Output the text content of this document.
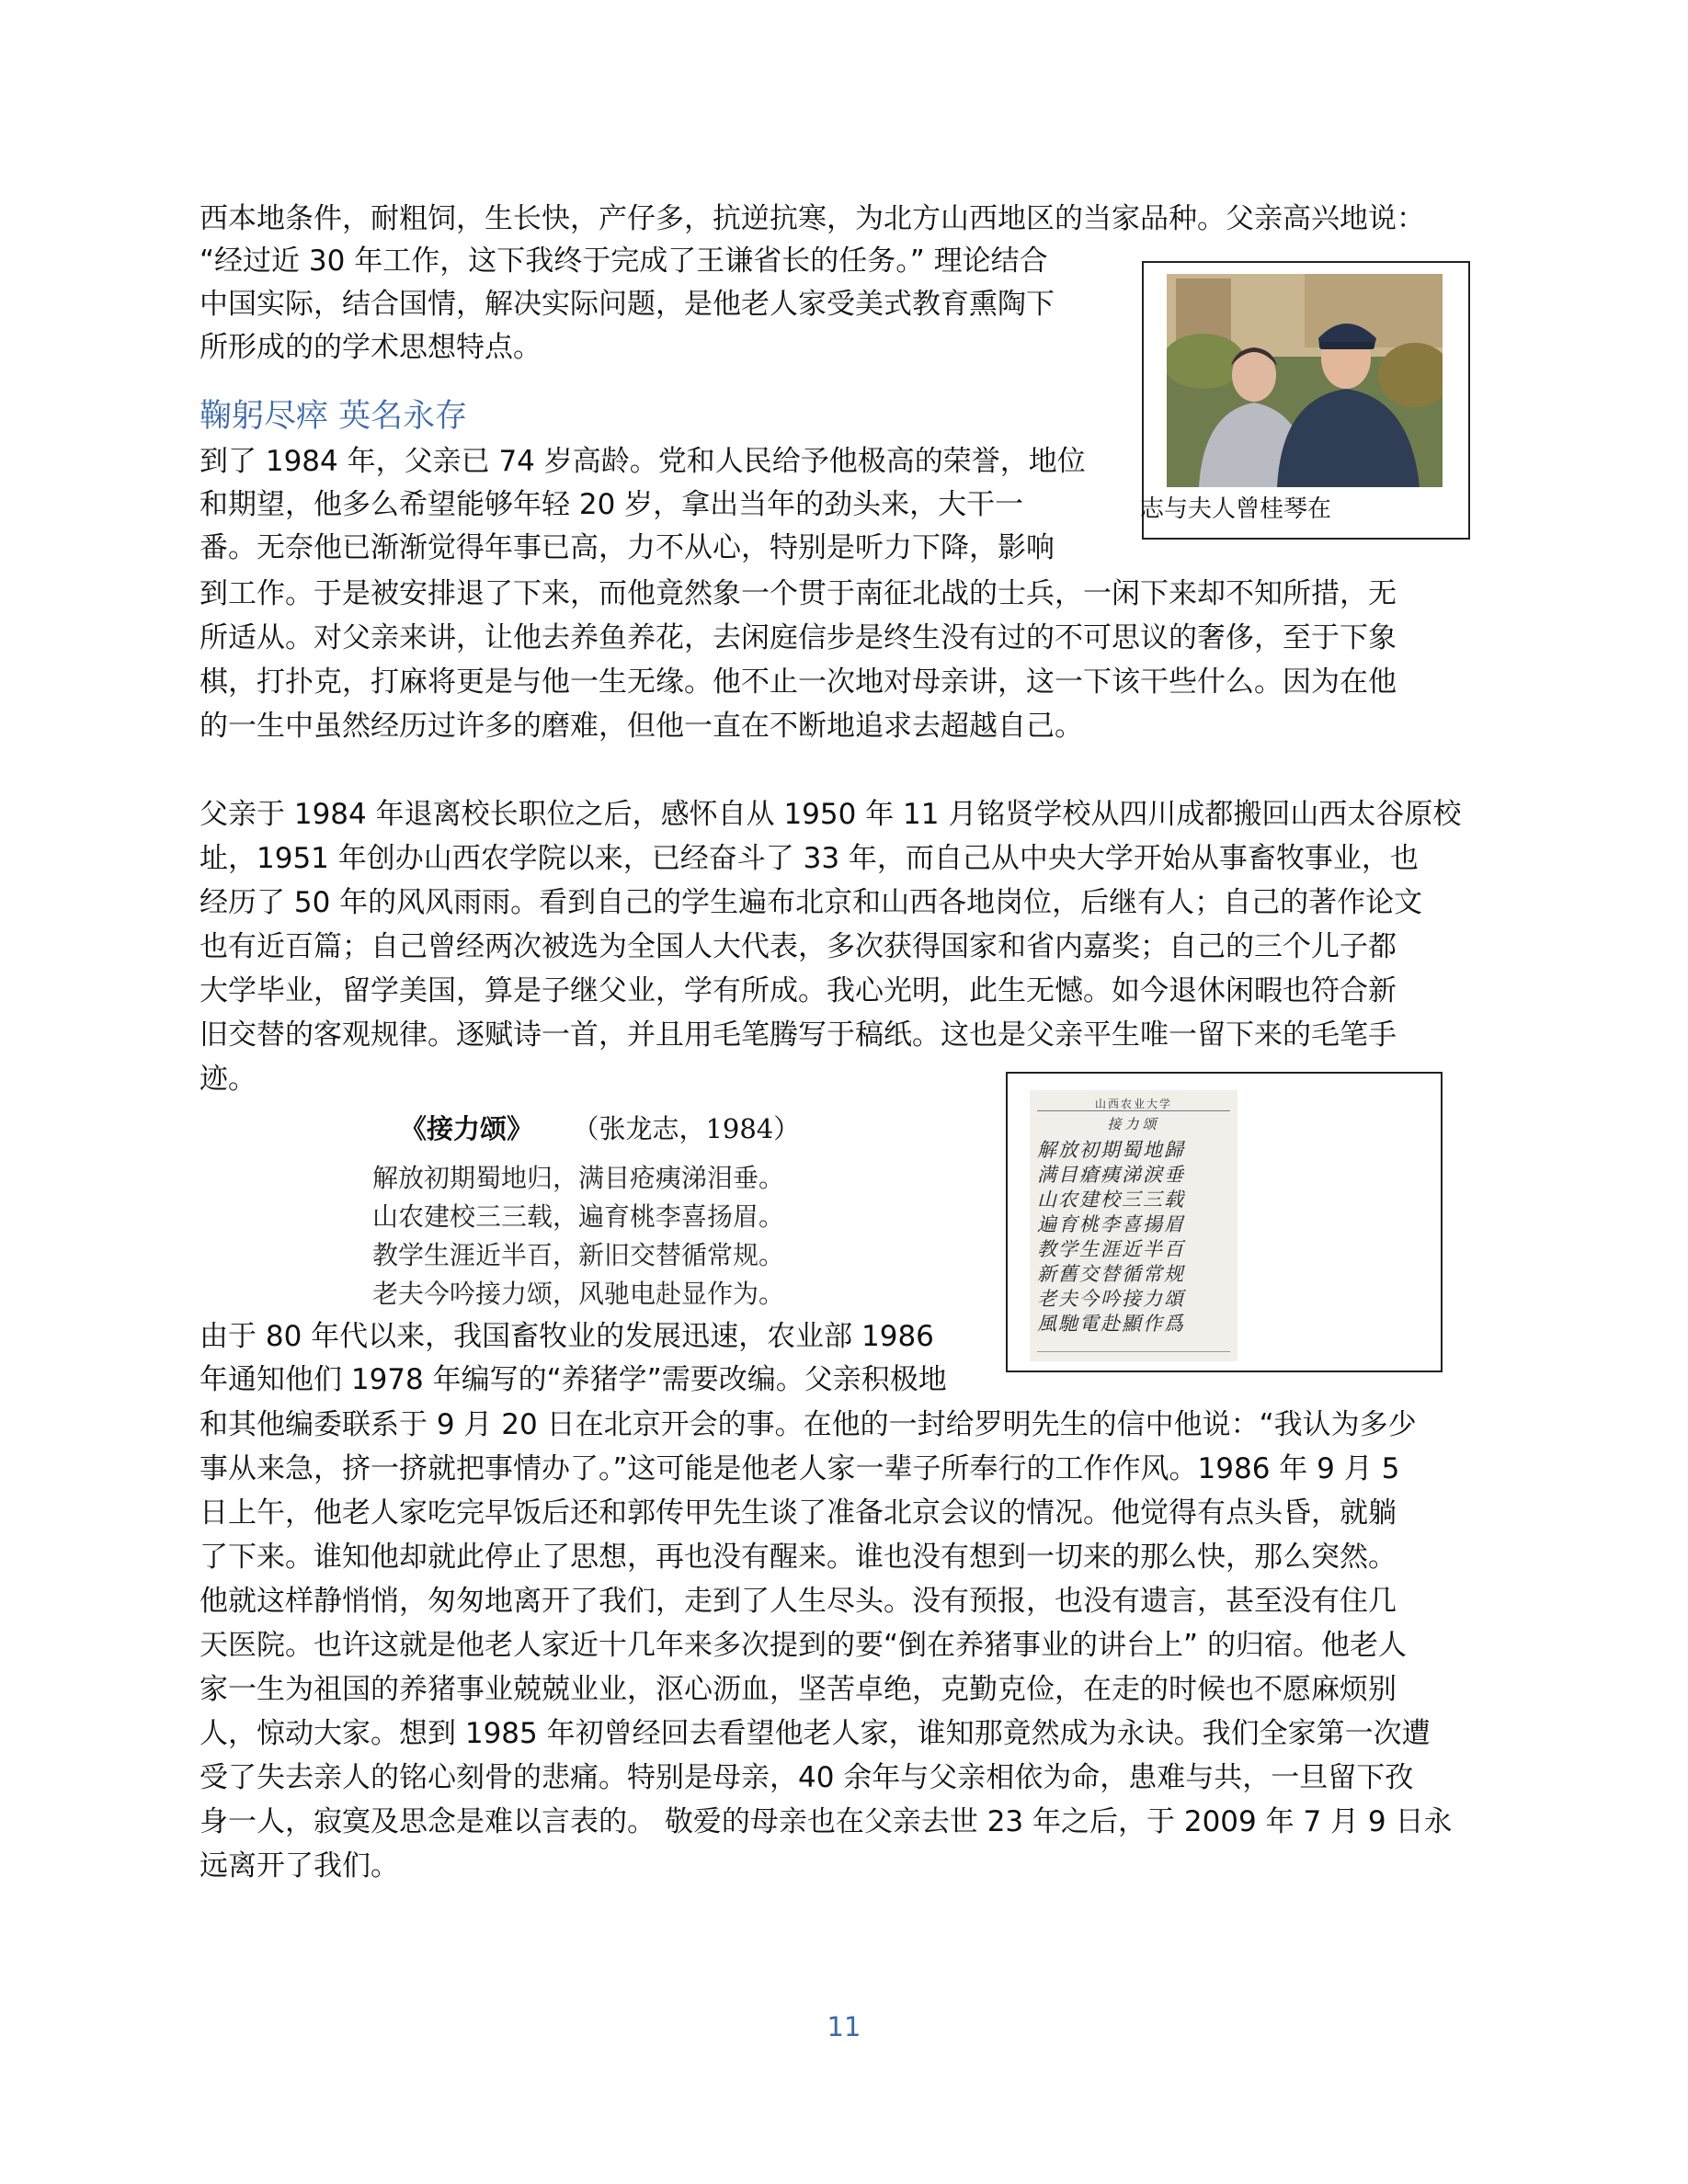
西本地条件，耐粗饲，生长快，产仔多，抗逆抗寒，为北方山西地区的当家品种。父亲高兴地说：
“经过近 30 年工作，这下我终于完成了王谦省长的任务。” 理论结合
中国实际，结合国情，解决实际问题，是他老人家受美式教育熏陶下
所形成的的学术思想特点。
鞠躬尽瘁 英名永存
到了 1984 年，父亲已 74 岁高龄。党和人民给予他极高的荣誉，地位
和期望，他多么希望能够年轻 20 岁，拿出当年的劲头来，大干一
番。无奈他已渐渐觉得年事已高，力不从心，特别是听力下降，影响
到工作。于是被安排退了下来，而他竟然象一个贯于南征北战的士兵，一闲下来却不知所措，无
所适从。对父亲来讲，让他去养鱼养花，去闲庭信步是终生没有过的不可思议的奢侈，至于下象
棋，打扑克，打麻将更是与他一生无缘。他不止一次地对母亲讲，这一下该干些什么。因为在他
的一生中虽然经历过许多的磨难，但他一直在不断地追求去超越自己。
父亲于 1984 年退离校长职位之后，感怀自从 1950 年 11 月铭贤学校从四川成都搬回山西太谷原校
址，1951 年创办山西农学院以来，已经奋斗了 33 年，而自己从中央大学开始从事畜牧事业，也
经历了 50 年的风风雨雨。看到自己的学生遍布北京和山西各地岗位，后继有人；自己的著作论文
也有近百篇；自己曾经两次被选为全国人大代表，多次获得国家和省内嘉奖；自己的三个儿子都
大学毕业，留学美国，算是子继父业，学有所成。我心光明，此生无憾。如今退休闲暇也符合新
旧交替的客观规律。逐赋诗一首，并且用毛笔腾写于稿纸。这也是父亲平生唯一留下来的毛笔手
迹。
《接力颂》 （张龙志，1984）
解放初期蜀地归，满目疮痍涕泪垂。
山农建校三三载，遍育桃李喜扬眉。
教学生涯近半百，新旧交替循常规。
老夫今吟接力颂，风驰电赴显作为。
由于 80 年代以来，我国畜牧业的发展迅速，农业部 1986
年通知他们 1978 年编写的“养猪学”需要改编。父亲积极地
和其他编委联系于 9 月 20 日在北京开会的事。在他的一封给罗明先生的信中他说：“我认为多少
事从来急，挤一挤就把事情办了。”这可能是他老人家一辈子所奉行的工作作风。1986 年 9 月 5
日上午，他老人家吃完早饭后还和郭传甲先生谈了准备北京会议的情况。他觉得有点头昏，就躺
了下来。谁知他却就此停止了思想，再也没有醒来。谁也没有想到一切来的那么快，那么突然。
他就这样静悄悄，匆匆地离开了我们，走到了人生尽头。没有预报，也没有遗言，甚至没有住几
天医院。也许这就是他老人家近十几年来多次提到的要“倒在养猪事业的讲台上” 的归宿。他老人
家一生为祖国的养猪事业兢兢业业，沤心沥血，坚苦卓绝，克勤克俭，在走的时候也不愿麻烦别
人，惊动大家。想到 1985 年初曾经回去看望他老人家，谁知那竟然成为永诀。我们全家第一次遭
受了失去亲人的铭心刻骨的悲痛。特别是母亲，40 余年与父亲相依为命，患难与共，一旦留下孜
身一人，寂寞及思念是难以言表的。 敬爱的母亲也在父亲去世 23 年之后，于 2009 年 7 月 9 日永
远离开了我们。
志与夫人曾桂琴在
山西农业大学
接力颂
解放初期蜀地歸
满目瘡痍涕淚垂
山农建校三三载
遍育桃李喜揚眉
教学生涯近半百
新舊交替循常规
老夫今吟接力頌
風馳電赴顯作爲
11
